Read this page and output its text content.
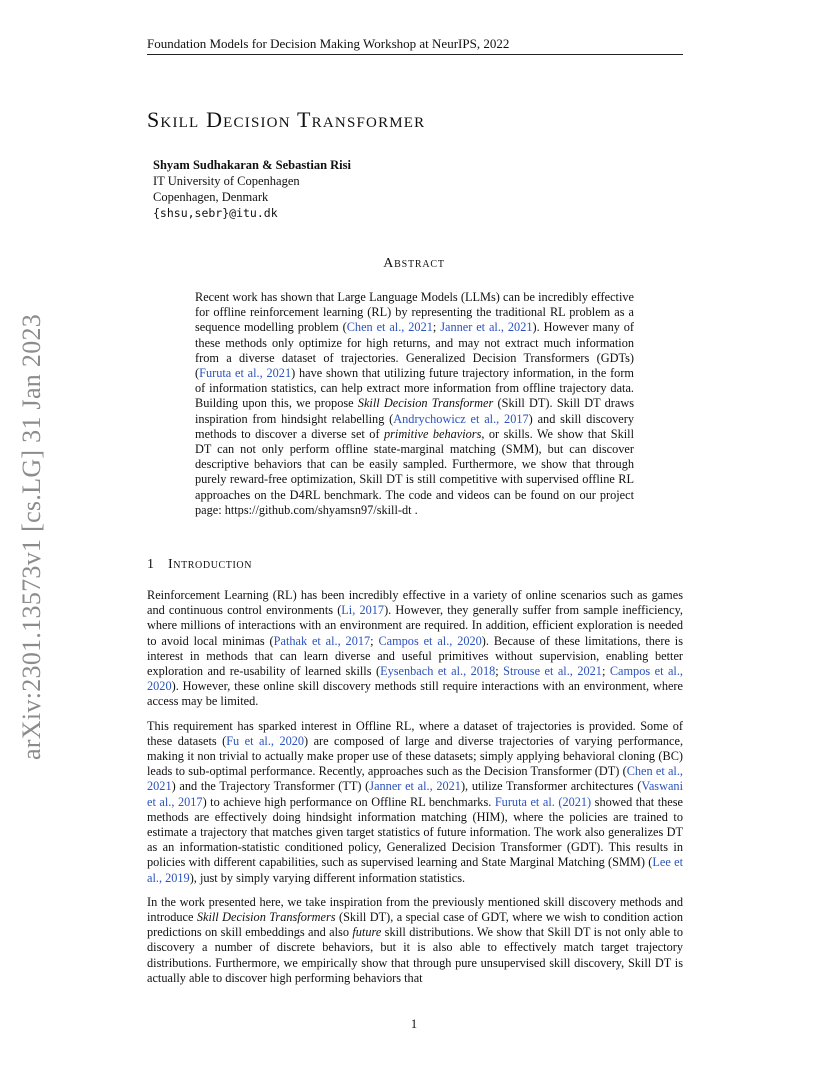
Foundation Models for Decision Making Workshop at NeurIPS, 2022
arXiv:2301.13573v1 [cs.LG] 31 Jan 2023
Skill Decision Transformer
Shyam Sudhakaran & Sebastian Risi
IT University of Copenhagen
Copenhagen, Denmark
{shsu,sebr}@itu.dk
Abstract
Recent work has shown that Large Language Models (LLMs) can be incredibly effective for offline reinforcement learning (RL) by representing the traditional RL problem as a sequence modelling problem (Chen et al., 2021; Janner et al., 2021). However many of these methods only optimize for high returns, and may not extract much information from a diverse dataset of trajectories. Generalized Decision Transformers (GDTs) (Furuta et al., 2021) have shown that utilizing future trajectory information, in the form of information statistics, can help extract more information from offline trajectory data. Building upon this, we propose Skill Decision Transformer (Skill DT). Skill DT draws inspiration from hindsight relabelling (Andrychowicz et al., 2017) and skill discovery methods to discover a diverse set of primitive behaviors, or skills. We show that Skill DT can not only perform offline state-marginal matching (SMM), but can discover descriptive behaviors that can be easily sampled. Furthermore, we show that through purely reward-free optimization, Skill DT is still competitive with supervised offline RL approaches on the D4RL benchmark. The code and videos can be found on our project page: https://github.com/shyamsn97/skill-dt .
1 Introduction

Reinforcement Learning (RL) has been incredibly effective in a variety of online scenarios such as games and continuous control environments (Li, 2017). However, they generally suffer from sample inefficiency, where millions of interactions with an environment are required. In addition, efficient exploration is needed to avoid local minimas (Pathak et al., 2017; Campos et al., 2020). Because of these limitations, there is interest in methods that can learn diverse and useful primitives without supervision, enabling better exploration and re-usability of learned skills (Eysenbach et al., 2018; Strouse et al., 2021; Campos et al., 2020). However, these online skill discovery methods still require interactions with an environment, where access may be limited.

This requirement has sparked interest in Offline RL, where a dataset of trajectories is provided. Some of these datasets (Fu et al., 2020) are composed of large and diverse trajectories of varying performance, making it non trivial to actually make proper use of these datasets; simply applying behavioral cloning (BC) leads to sub-optimal performance. Recently, approaches such as the Decision Transformer (DT) (Chen et al., 2021) and the Trajectory Transformer (TT) (Janner et al., 2021), utilize Transformer architectures (Vaswani et al., 2017) to achieve high performance on Offline RL benchmarks. Furuta et al. (2021) showed that these methods are effectively doing hindsight information matching (HIM), where the policies are trained to estimate a trajectory that matches given target statistics of future information. The work also generalizes DT as an information-statistic conditioned policy, Generalized Decision Transformer (GDT). This results in policies with different capabilities, such as supervised learning and State Marginal Matching (SMM) (Lee et al., 2019), just by simply varying different information statistics.

In the work presented here, we take inspiration from the previously mentioned skill discovery methods and introduce Skill Decision Transformers (Skill DT), a special case of GDT, where we wish to condition action predictions on skill embeddings and also future skill distributions. We show that Skill DT is not only able to discovery a number of discrete behaviors, but it is also able to effectively match target trajectory distributions. Furthermore, we empirically show that through pure unsupervised skill discovery, Skill DT is actually able to discover high performing behaviors that

1
